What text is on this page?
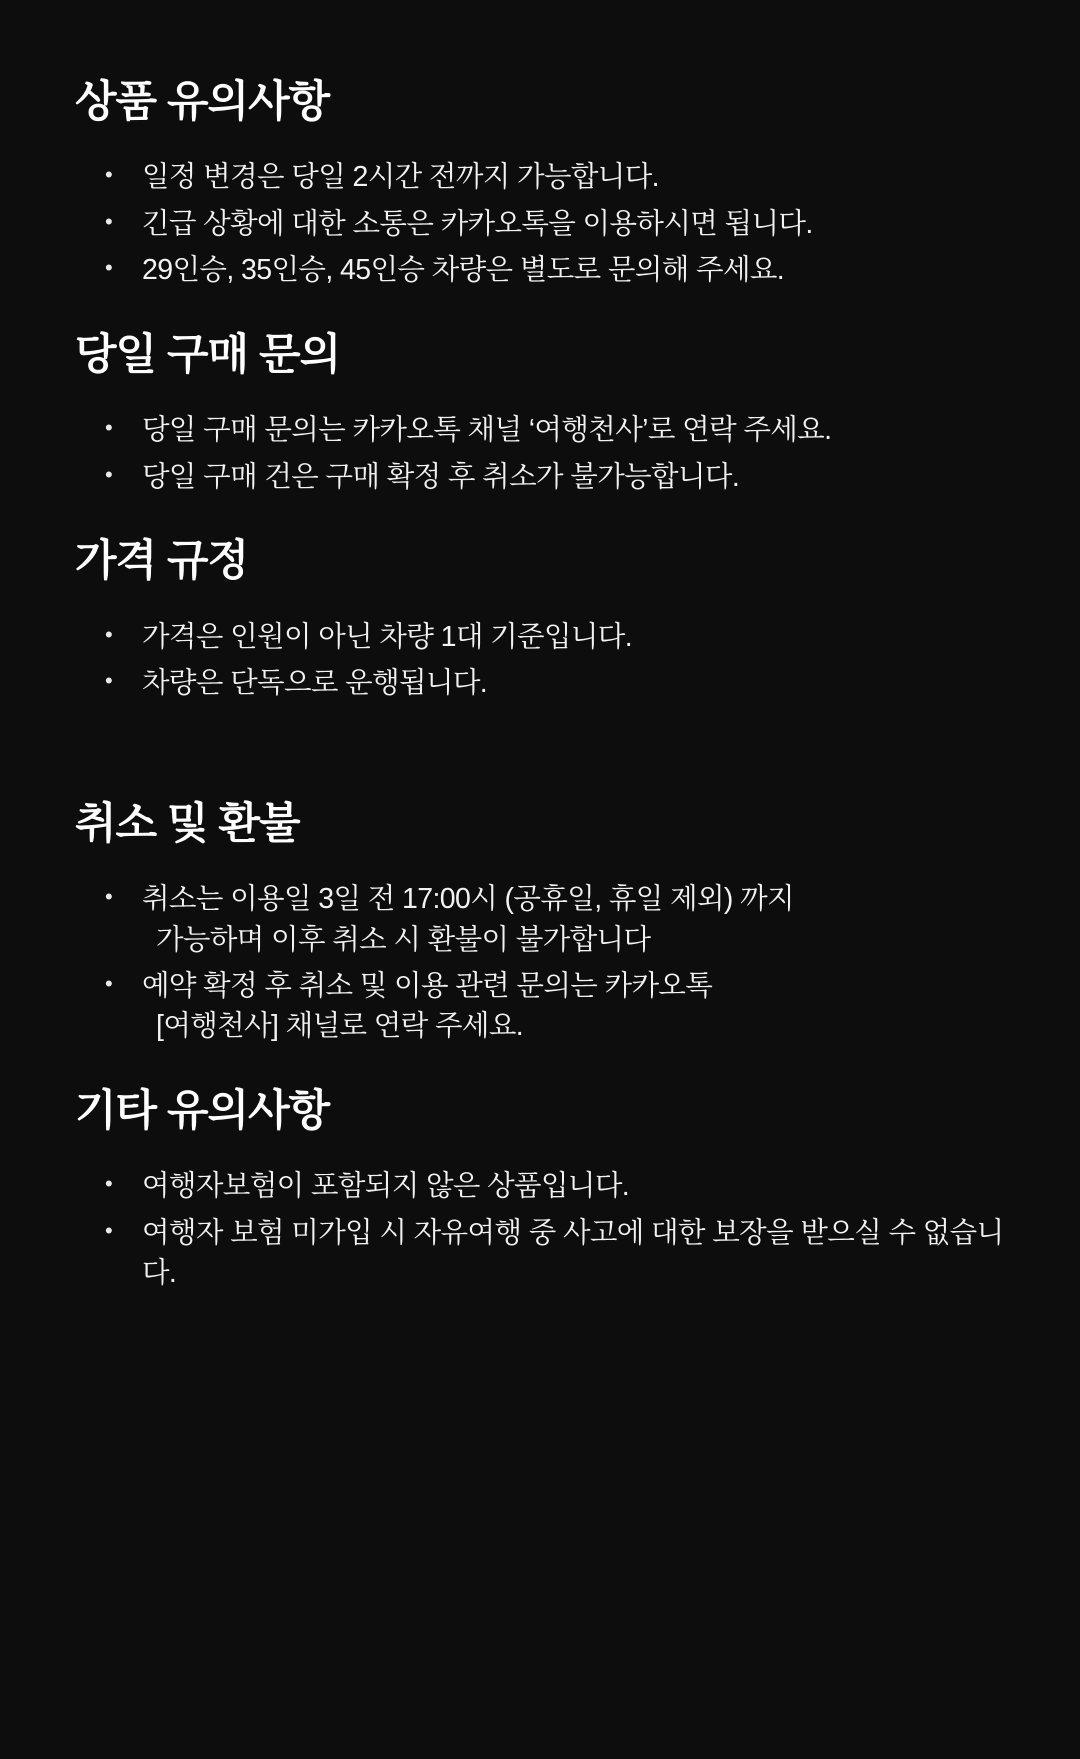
상품 유의사항
• 일정 변경은 당일 2시간 전까지 가능합니다.
• 긴급 상황에 대한 소통은 카카오톡을 이용하시면 됩니다.
• 29인승, 35인승, 45인승 차량은 별도로 문의해 주세요.
당일 구매 문의
• 당일 구매 문의는 카카오톡 채널 ‘여행천사’로 연락 주세요.
• 당일 구매 건은 구매 확정 후 취소가 불가능합니다.
가격 규정
• 가격은 인원이 아닌 차량 1대 기준입니다.
• 차량은 단독으로 운행됩니다.
취소 및 환불
• 취소는 이용일 3일 전 17:00시 (공휴일, 휴일 제외) 까지
가능하며 이후 취소 시 환불이 불가합니다
• 예약 확정 후 취소 및 이용 관련 문의는 카카오톡
[여행천사] 채널로 연락 주세요.
기타 유의사항
• 여행자보험이 포함되지 않은 상품입니다.
• 여행자 보험 미가입 시 자유여행 중 사고에 대한 보장을 받으실 수 없습니다.
